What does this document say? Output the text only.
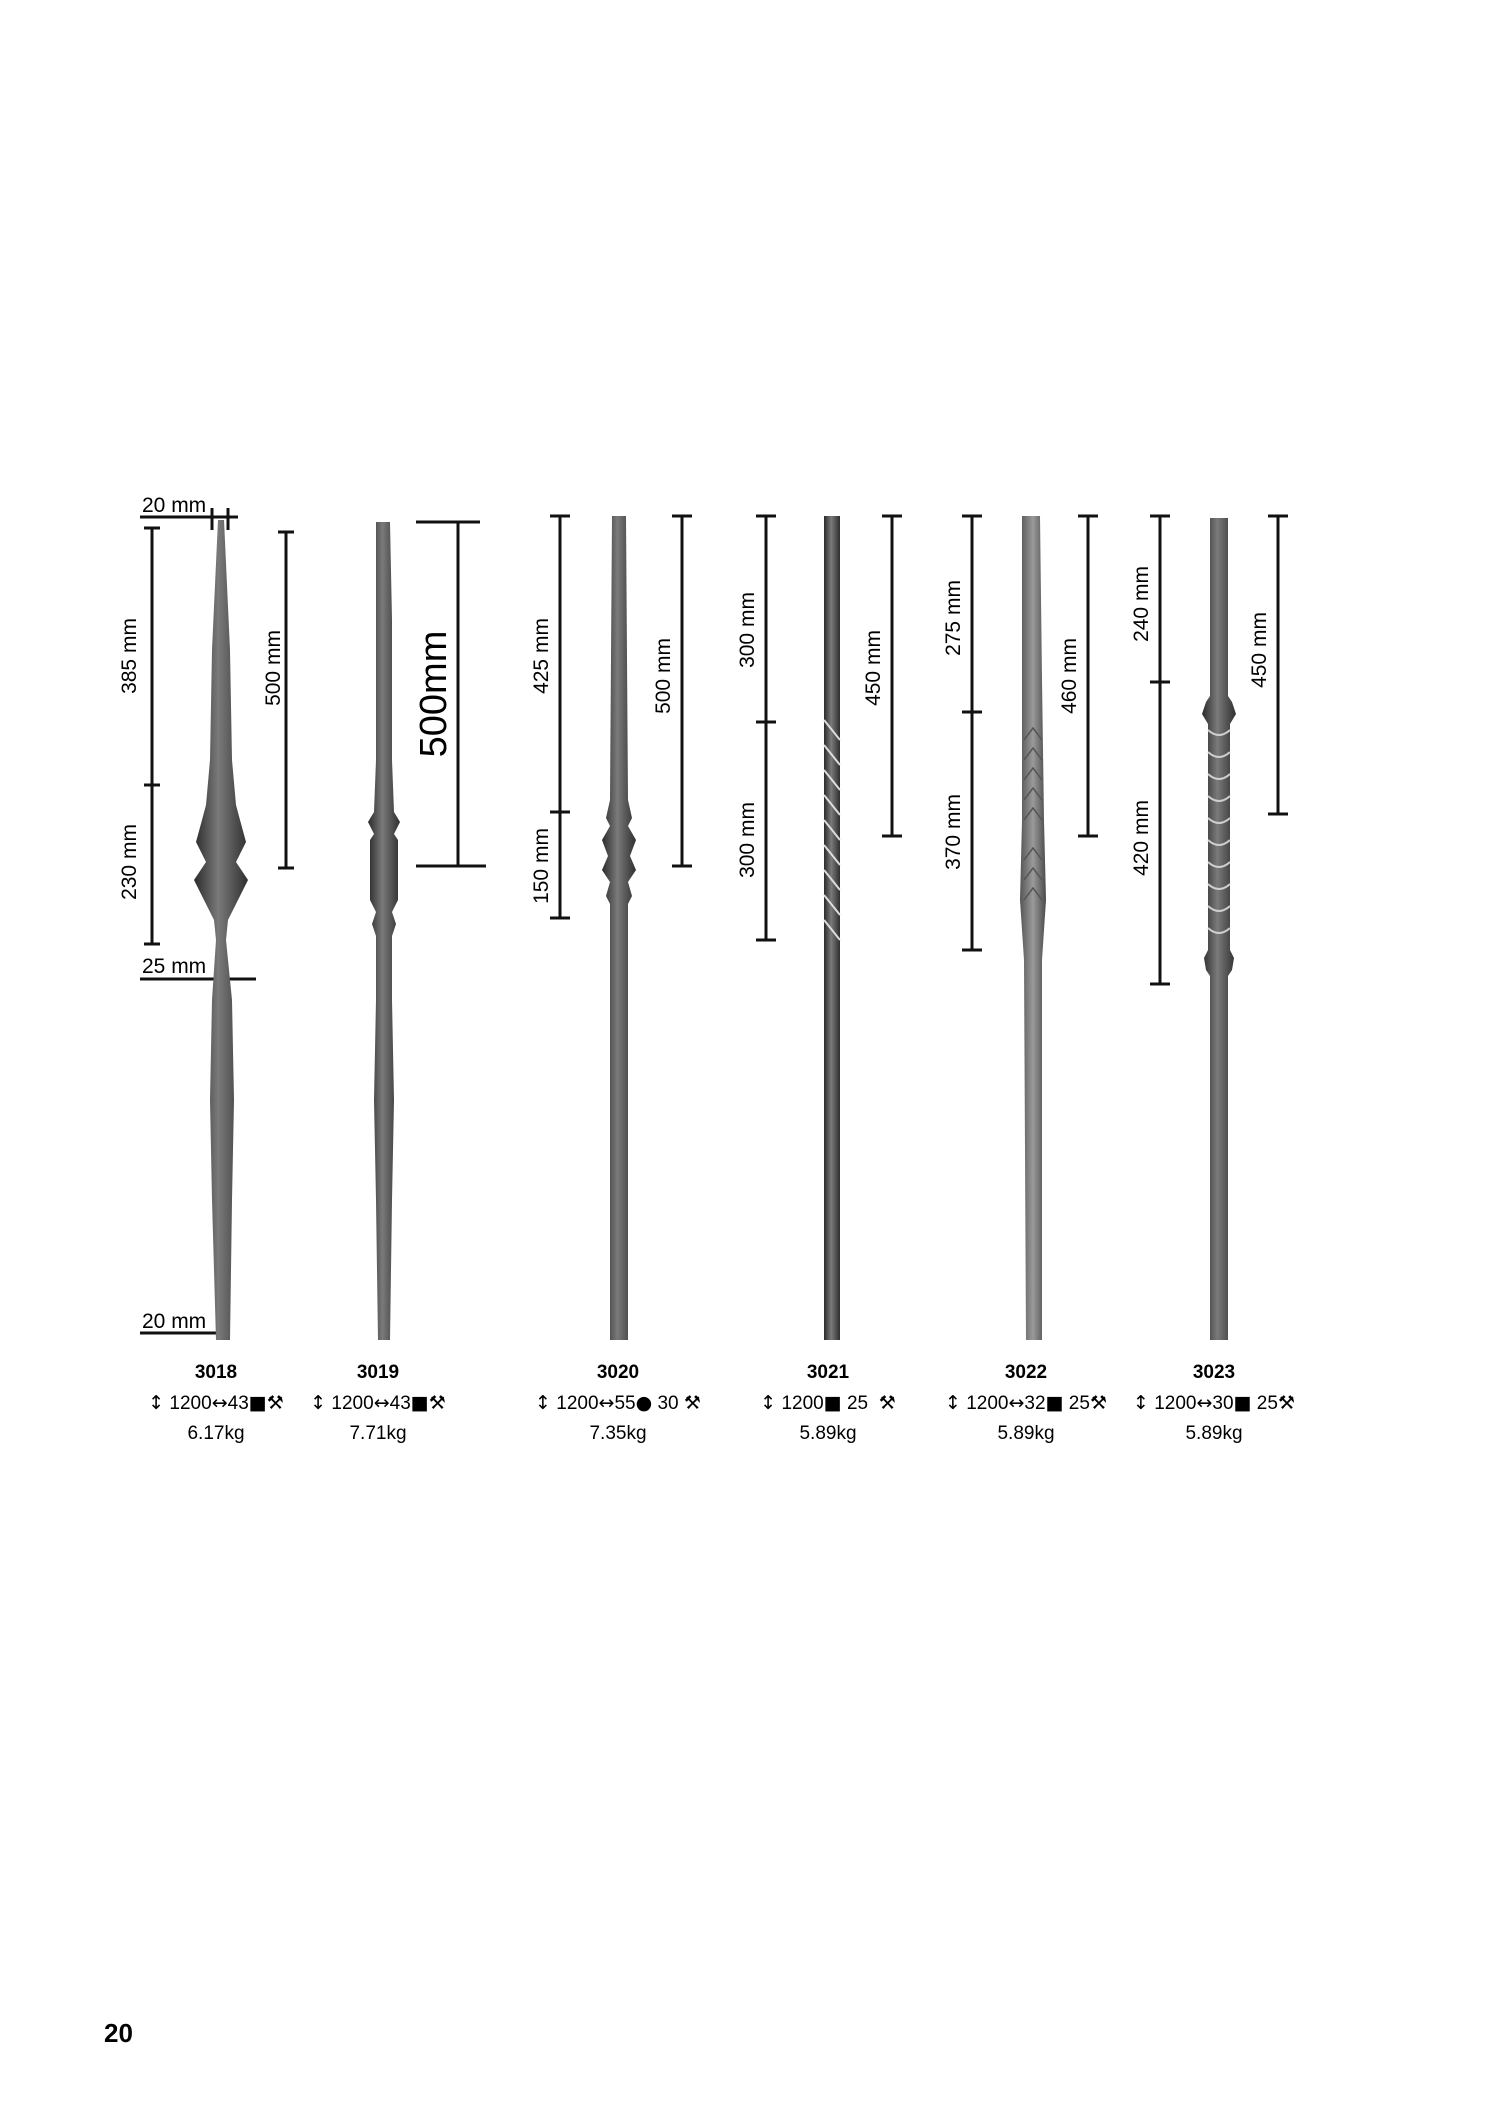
20 mm
385 mm	500 mm
230 mm
25 mm
20 mm
500mm	425 mm
150 mm
500 mm
300 mm
300 mm
450 mm
275 mm
370 mm
460 mm
240 mm
420 mm
450 mm
3018
↕ 1200↔43■⚒
6.17kg
3019
↕ 1200↔43■⚒
7.71kg
3020
↕ 1200↔55● 30 ⚒
7.35kg
3021
↕ 1200■ 25 ⚒
5.89kg
3022
↕ 1200↔32■ 25⚒
5.89kg
3023
↕ 1200↔30■ 25⚒
5.89kg
20
